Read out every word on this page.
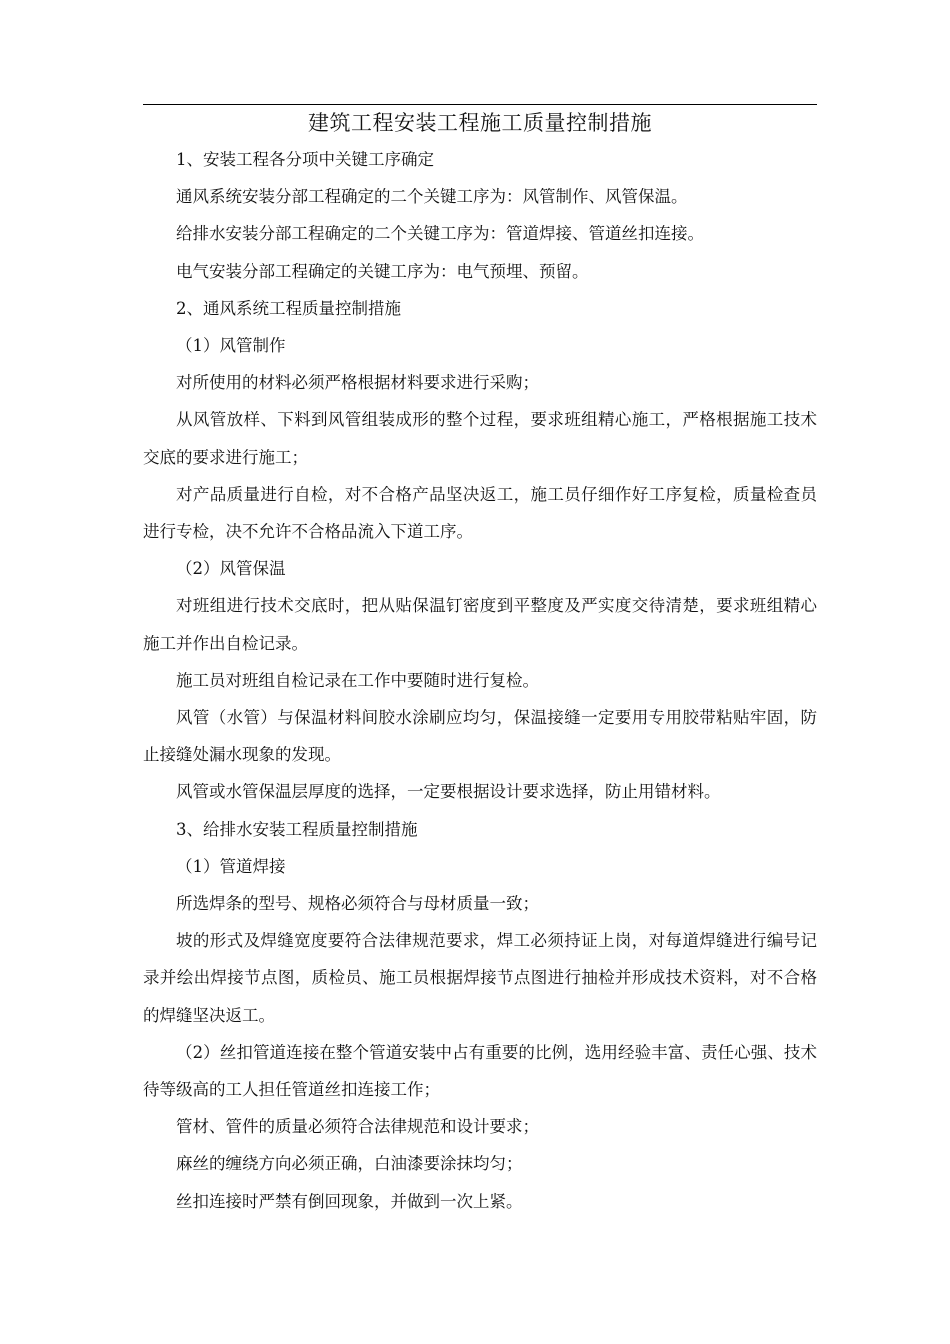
建筑工程安装工程施工质量控制措施

1、安装工程各分项中关键工序确定

通风系统安装分部工程确定的二个关键工序为：风管制作、风管保温。

给排水安装分部工程确定的二个关键工序为：管道焊接、管道丝扣连接。

电气安装分部工程确定的关键工序为：电气预埋、预留。

2、通风系统工程质量控制措施

（1）风管制作

对所使用的材料必须严格根据材料要求进行采购；

从风管放样、下料到风管组装成形的整个过程，要求班组精心施工，严格根据施工技术交底的要求进行施工；

对产品质量进行自检，对不合格产品坚决返工，施工员仔细作好工序复检，质量检查员进行专检，决不允许不合格品流入下道工序。

（2）风管保温

对班组进行技术交底时，把从贴保温钉密度到平整度及严实度交待清楚，要求班组精心施工并作出自检记录。

施工员对班组自检记录在工作中要随时进行复检。

风管（水管）与保温材料间胶水涂刷应均匀，保温接缝一定要用专用胶带粘贴牢固，防止接缝处漏水现象的发现。

风管或水管保温层厚度的选择，一定要根据设计要求选择，防止用错材料。

3、给排水安装工程质量控制措施

（1）管道焊接

所选焊条的型号、规格必须符合与母材质量一致；

坡的形式及焊缝宽度要符合法律规范要求，焊工必须持证上岗，对每道焊缝进行编号记录并绘出焊接节点图，质检员、施工员根据焊接节点图进行抽检并形成技术资料，对不合格的焊缝坚决返工。

（2）丝扣管道连接在整个管道安装中占有重要的比例，选用经验丰富、责任心强、技术待等级高的工人担任管道丝扣连接工作；

管材、管件的质量必须符合法律规范和设计要求；

麻丝的缠绕方向必须正确，白油漆要涂抹均匀；

丝扣连接时严禁有倒回现象，并做到一次上紧。
